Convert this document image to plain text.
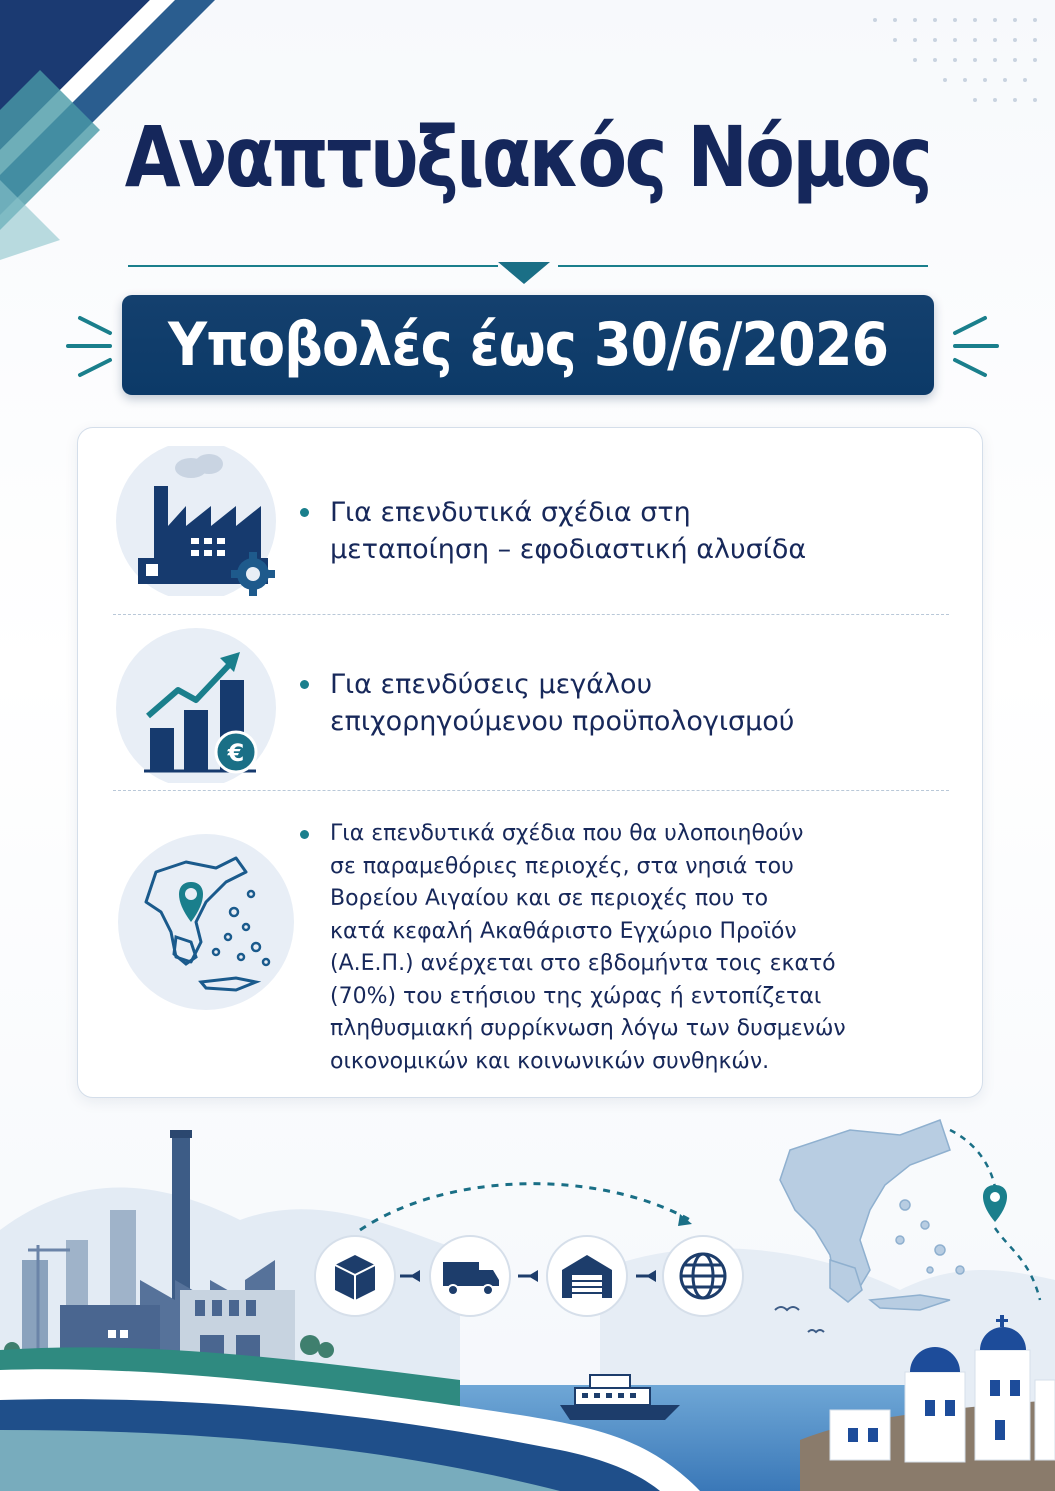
Αναπτυξιακός Νόμος
Υποβολές έως 30/6/2026
Για επενδυτικά σχέδια στη
μεταποίηση – εφοδιαστική αλυσίδα
€
Για επενδύσεις μεγάλου
επιχορηγούμενου προϋπολογισμού
Για επενδυτικά σχέδια που θα υλοποιηθούν
σε παραμεθόριες περιοχές, στα νησιά του
Βορείου Αιγαίου και σε περιοχές που το
κατά κεφαλή Ακαθάριστο Εγχώριο Προϊόν
(Α.Ε.Π.) ανέρχεται στο εβδομήντα τοις εκατό
(70%) του ετήσιου της χώρας ή εντοπίζεται
πληθυσμιακή συρρίκνωση λόγω των δυσμενών
οικονομικών και κοινωνικών συνθηκών.
